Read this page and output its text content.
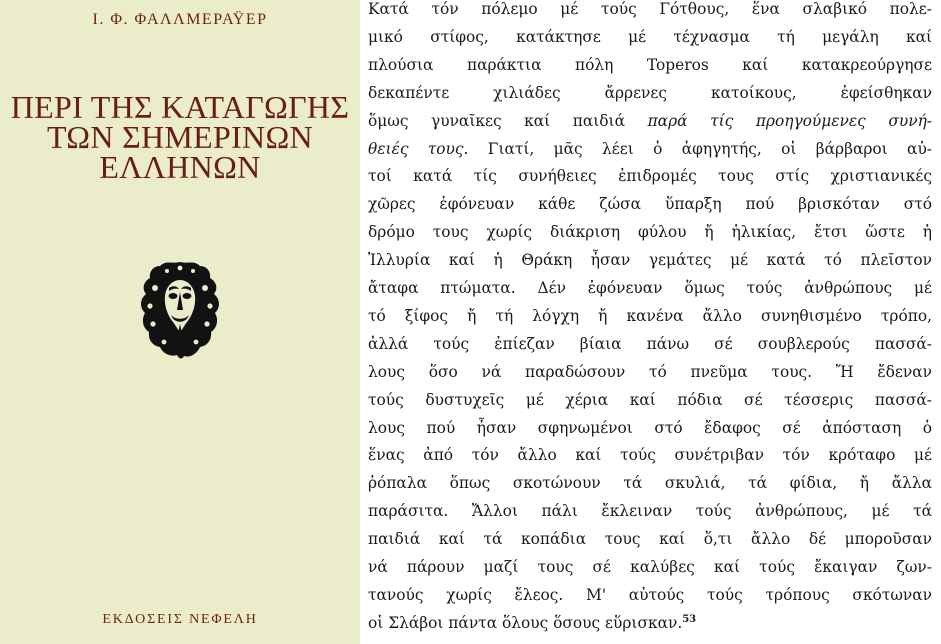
Ι. Φ. ΦΑΛΛΜΕΡΑΫΕΡ
ΠΕΡΙ ΤΗΣ ΚΑΤΑΓΩΓΗΣ
ΤΩΝ ΣΗΜΕΡΙΝΩΝ
ΕΛΛΗΝΩΝ
ΕΚΔΟΣΕΙΣ ΝΕΦΕΛΗ
Κατά τόν πόλεμο μέ τούς Γότθους, ἕνα σλαβικό πολε-
μικό στίφος, κατάκτησε μέ τέχνασμα τή μεγάλη καί
πλούσια παράκτια πόλη Toperos καί κατακρεούργησε
δεκαπέντε χιλιάδες ἄρρενες κατοίκους, ἐφείσθηκαν
ὅμως γυναῖκες καί παιδιά παρά τίς προηγούμενες συνή-
θειές τους. Γιατί, μᾶς λέει ὁ ἀφηγητής, οἱ βάρβαροι αὐ-
τοί κατά τίς συνήθειες ἐπιδρομές τους στίς χριστιανικές
χῶρες ἐφόνευαν κάθε ζώσα ὕπαρξη πού βρισκόταν στό
δρόμο τους χωρίς διάκριση φύλου ἤ ἡλικίας, ἔτσι ὥστε ἡ
Ἰλλυρία καί ἡ Θράκη ἦσαν γεμάτες μέ κατά τό πλεῖστον
ἄταφα πτώματα. Δέν ἐφόνευαν ὅμως τούς ἀνθρώπους μέ
τό ξίφος ἤ τή λόγχη ἤ κανένα ἄλλο συνηθισμένο τρόπο,
ἀλλά τούς ἐπίεζαν βίαια πάνω σέ σουβλερούς πασσά-
λους ὅσο νά παραδώσουν τό πνεῦμα τους. Ἤ ἔδεναν
τούς δυστυχεῖς μέ χέρια καί πόδια σέ τέσσερις πασσά-
λους πού ἦσαν σφηνωμένοι στό ἔδαφος σέ ἀπόσταση ὁ
ἕνας ἀπό τόν ἄλλο καί τούς συνέτριβαν τόν κρόταφο μέ
ῥόπαλα ὅπως σκοτώνουν τά σκυλιά, τά φίδια, ἤ ἄλλα
παράσιτα. Ἄλλοι πάλι ἔκλειναν τούς ἀνθρώπους, μέ τά
παιδιά καί τά κοπάδια τους καί ὅ,τι ἄλλο δέ μποροῦσαν
νά πάρουν μαζί τους σέ καλύβες καί τούς ἔκαιγαν ζων-
τανούς χωρίς ἔλεος. Μ' αὐτούς τούς τρόπους σκότωναν
οἱ Σλάβοι πάντα ὅλους ὅσους εὕρισκαν.$^{53}$
